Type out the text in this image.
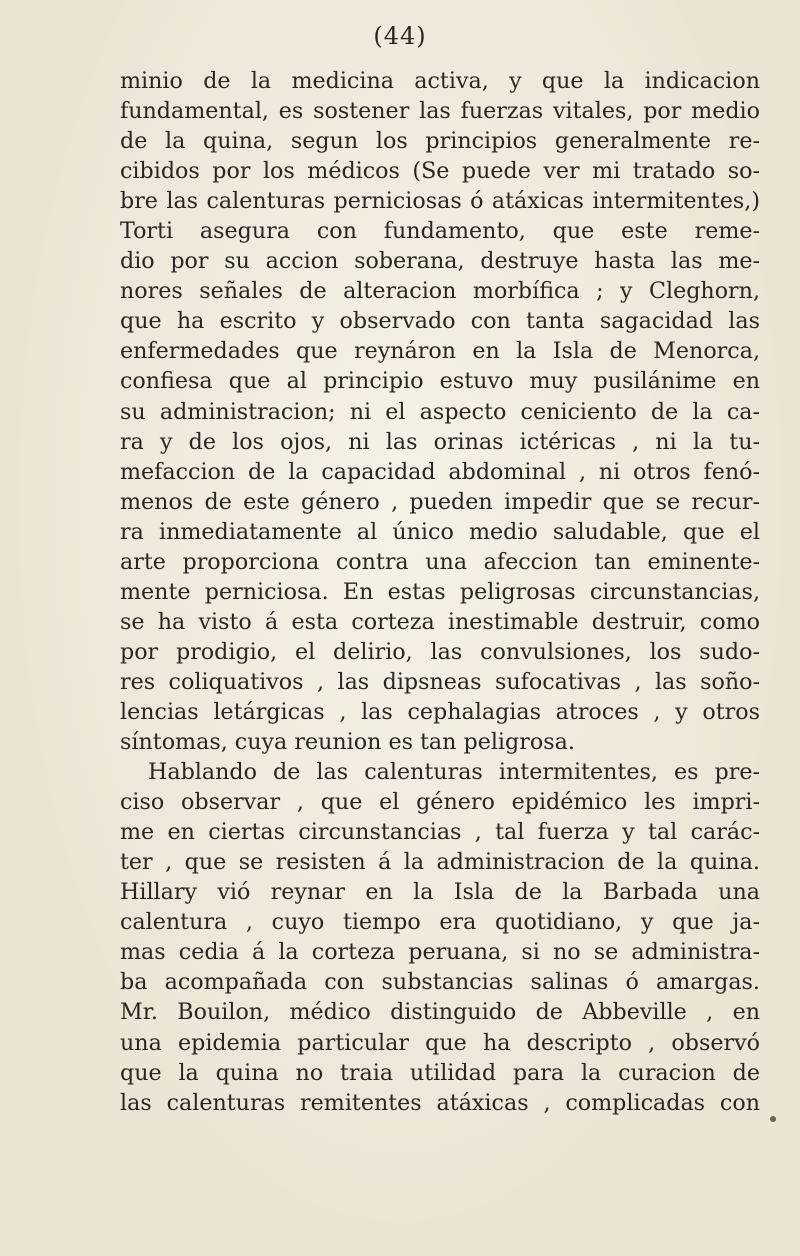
(44)
minio de la medicina activa, y que la indicacion
fundamental, es sostener las fuerzas vitales, por medio
de la quina, segun los principios generalmente re-
cibidos por los médicos (Se puede ver mi tratado so-
bre las calenturas perniciosas ó atáxicas intermitentes,)
Torti asegura con fundamento, que este reme-
dio por su accion soberana, destruye hasta las me-
nores señales de alteracion morbífica ; y Cleghorn,
que ha escrito y observado con tanta sagacidad las
enfermedades que reynáron en la Isla de Menorca,
confiesa que al principio estuvo muy pusilánime en
su administracion; ni el aspecto ceniciento de la ca-
ra y de los ojos, ni las orinas ictéricas , ni la tu-
mefaccion de la capacidad abdominal , ni otros fenó-
menos de este género , pueden impedir que se recur-
ra inmediatamente al único medio saludable, que el
arte proporciona contra una afeccion tan eminente-
mente perniciosa. En estas peligrosas circunstancias,
se ha visto á esta corteza inestimable destruir, como
por prodigio, el delirio, las convulsiones, los sudo-
res coliquativos , las dipsneas sufocativas , las soño-
lencias letárgicas , las cephalagias atroces , y otros
síntomas, cuya reunion es tan peligrosa.
Hablando de las calenturas intermitentes, es pre-
ciso observar , que el género epidémico les impri-
me en ciertas circunstancias , tal fuerza y tal carác-
ter , que se resisten á la administracion de la quina.
Hillary vió reynar en la Isla de la Barbada una
calentura , cuyo tiempo era quotidiano, y que ja-
mas cedia á la corteza peruana, si no se administra-
ba acompañada con substancias salinas ó amargas.
Mr. Bouilon, médico distinguido de Abbeville , en
una epidemia particular que ha descripto , observó
que la quina no traia utilidad para la curacion de
las calenturas remitentes atáxicas , complicadas con
